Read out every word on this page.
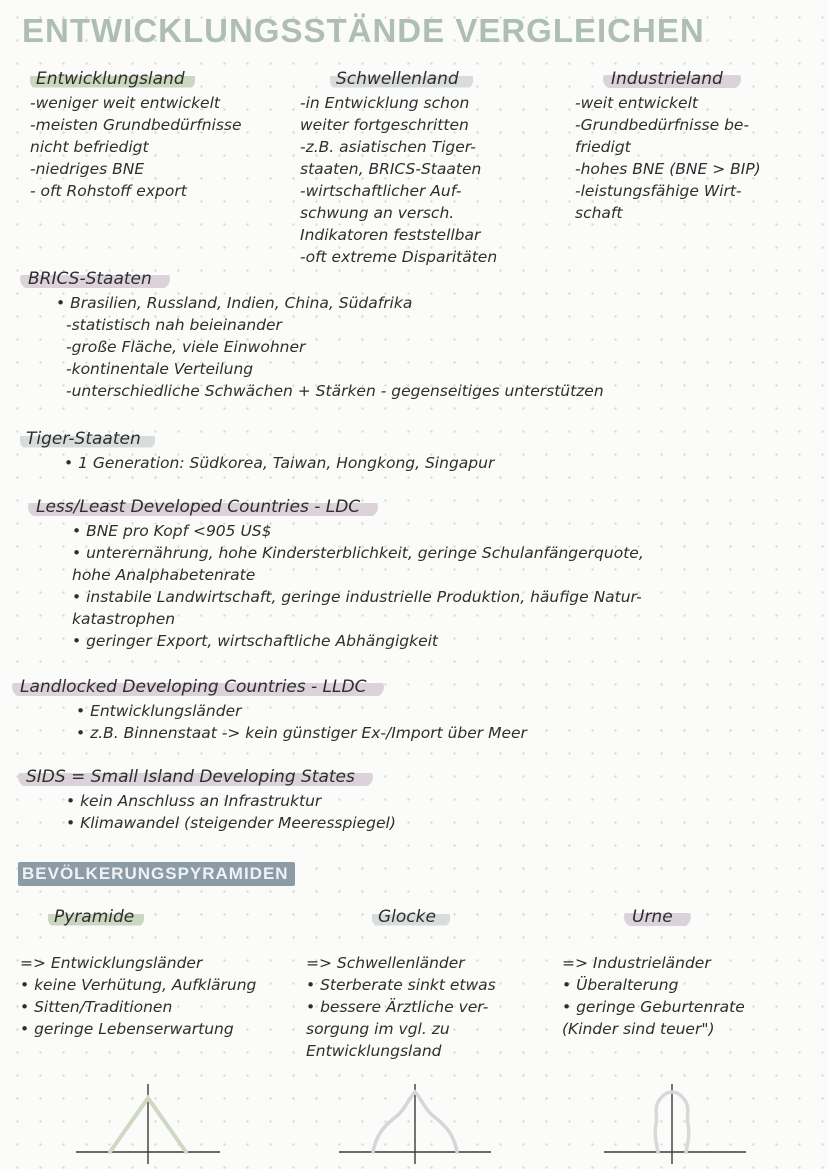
ENTWICKLUNGSSTÄNDE VERGLEICHEN
Entwicklungsland
-weniger weit entwickelt
-meisten Grundbedürfnisse
nicht befriedigt
-niedriges BNE
- oft Rohstoff export
Schwellenland
-in Entwicklung schon
weiter fortgeschritten
-z.B. asiatischen Tiger-
staaten, BRICS-Staaten
-wirtschaftlicher Auf-
schwung an versch.
Indikatoren feststellbar
-oft extreme Disparitäten
Industrieland
-weit entwickelt
-Grundbedürfnisse be-
friedigt
-hohes BNE (BNE > BIP)
-leistungsfähige Wirt-
schaft
BRICS-Staaten
• Brasilien, Russland, Indien, China, Südafrika
-statistisch nah beieinander
-große Fläche, viele Einwohner
-kontinentale Verteilung
-unterschiedliche Schwächen + Stärken - gegenseitiges unterstützen
Tiger-Staaten
• 1 Generation: Südkorea, Taiwan, Hongkong, Singapur
Less/Least Developed Countries - LDC
• BNE pro Kopf <905 US$
• unterernährung, hohe Kindersterblichkeit, geringe Schulanfängerquote,
hohe Analphabetenrate
• instabile Landwirtschaft, geringe industrielle Produktion, häufige Natur-
katastrophen
• geringer Export, wirtschaftliche Abhängigkeit
Landlocked Developing Countries - LLDC
• Entwicklungsländer
• z.B. Binnenstaat -> kein günstiger Ex-/Import über Meer
SIDS = Small Island Developing States
• kein Anschluss an Infrastruktur
• Klimawandel (steigender Meeresspiegel)
BEVÖLKERUNGSPYRAMIDEN
Pyramide
=> Entwicklungsländer
• keine Verhütung, Aufklärung
• Sitten/Traditionen
• geringe Lebenserwartung
Glocke
=> Schwellenländer
• Sterberate sinkt etwas
• bessere Ärztliche ver-
sorgung im vgl. zu
Entwicklungsland
Urne
=> Industrieländer
• Überalterung
• geringe Geburtenrate
(Kinder sind teuer")
